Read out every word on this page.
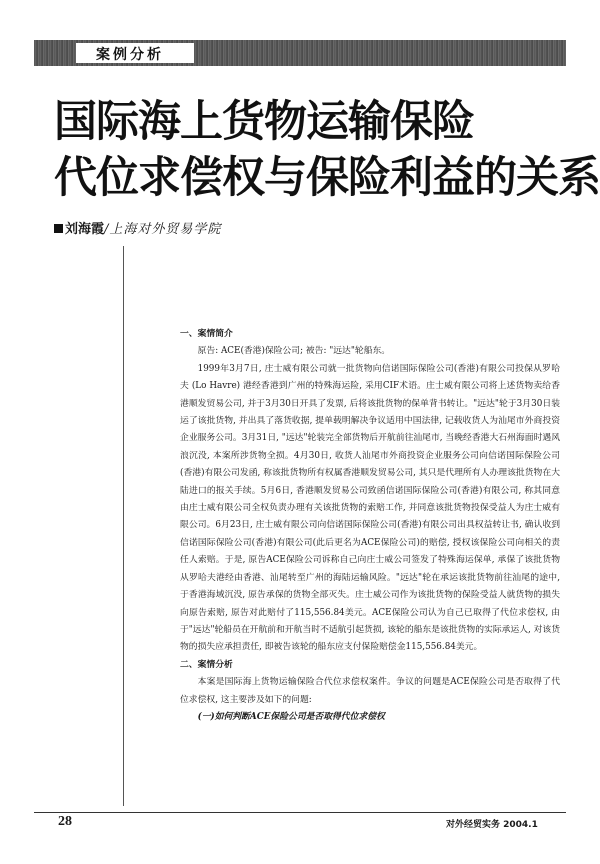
案例分析
国际海上货物运输保险
代位求偿权与保险利益的关系
刘海霞/上海对外贸易学院
一、案情简介

原告: ACE(香港)保险公司; 被告: "远达"轮船东。

1999年3月7日, 庄士威有限公司就一批货物向信诺国际保险公司(香港)有限公司投保从罗哈夫 (Lo Havre) 港经香港到广州的特殊海运险, 采用CIF术语。庄士威有限公司将上述货物卖给香港顺发贸易公司, 并于3月30日开具了发票, 后将该批货物的保单背书转让。"远达"轮于3月30日装运了该批货物, 并出具了落货收据, 提单载明解决争议适用中国法律, 记载收货人为汕尾市外商投资企业服务公司。3月31日, "远达"轮装完全部货物后开航前往汕尾市, 当晚经香港大石州海面时遇风浪沉没, 本案所涉货物全损。4月30日, 收货人汕尾市外商投资企业服务公司向信诺国际保险公司(香港)有限公司发函, 称该批货物所有权属香港顺发贸易公司, 其只是代理所有人办理该批货物在大陆进口的报关手续。5月6日, 香港顺发贸易公司致函信诺国际保险公司(香港)有限公司, 称其同意由庄士威有限公司全权负责办理有关该批货物的索赔工作, 并同意该批货物投保受益人为庄士威有限公司。6月23日, 庄士威有限公司向信诺国际保险公司(香港)有限公司出具权益转让书, 确认收到信诺国际保险公司(香港)有限公司(此后更名为ACE保险公司)的赔偿, 授权该保险公司向相关的责任人索赔。于是, 原告ACE保险公司诉称自己向庄士威公司签发了特殊海运保单, 承保了该批货物从罗哈夫港经由香港、汕尾转至广州的海陆运输风险。"远达"轮在承运该批货物前往汕尾的途中, 于香港海域沉没, 原告承保的货物全部灭失。庄士威公司作为该批货物的保险受益人就货物的损失向原告索赔, 原告对此赔付了115,556.84美元。ACE保险公司认为自己已取得了代位求偿权, 由于"远达"轮船员在开航前和开航当时不适航引起货损, 该轮的船东是该批货物的实际承运人, 对该货物的损失应承担责任, 即被告该轮的船东应支付保险赔偿金115,556.84美元。

二、案情分析

本案是国际海上货物运输保险合代位求偿权案件。争议的问题是ACE保险公司是否取得了代位求偿权, 这主要涉及如下的问题:

(一)如何判断ACE保险公司是否取得代位求偿权

28	对外经贸实务 2004.1
